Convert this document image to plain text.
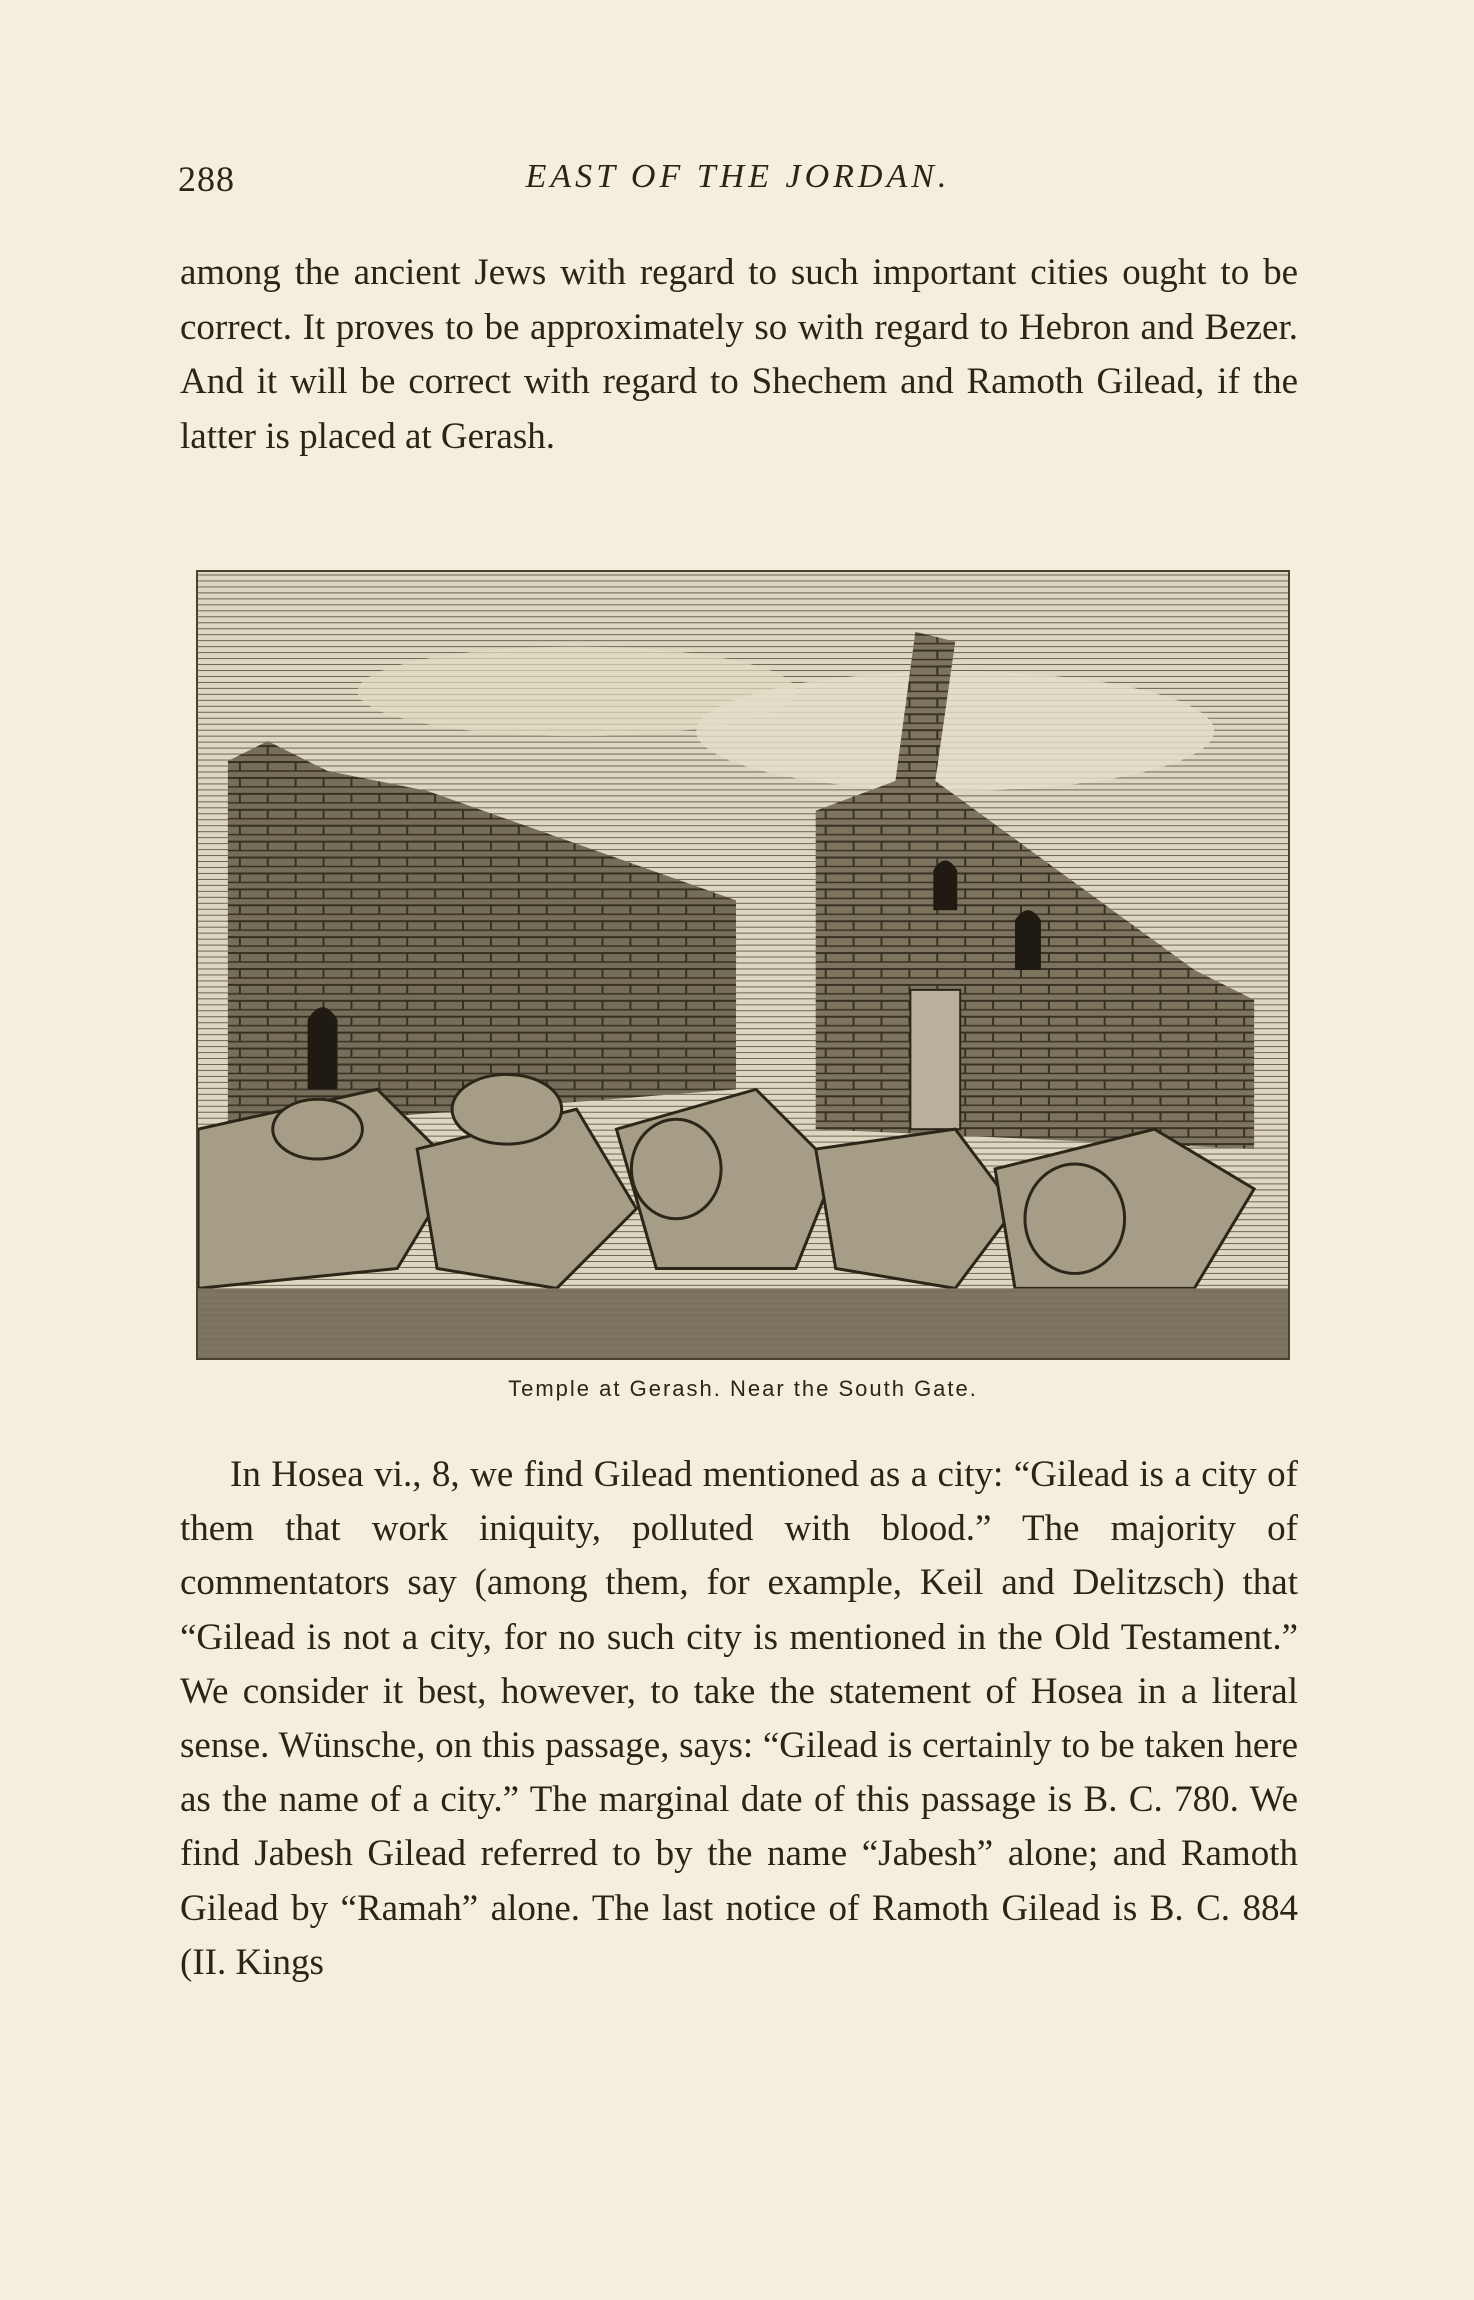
288	EAST OF THE JORDAN.

among the ancient Jews with regard to such important cities ought to be correct. It proves to be approximately so with regard to Hebron and Bezer. And it will be correct with regard to Shechem and Ramoth Gilead, if the latter is placed at Gerash.

Temple at Gerash. Near the South Gate.

In Hosea vi., 8, we find Gilead mentioned as a city: “Gilead is a city of them that work iniquity, polluted with blood.” The majority of commentators say (among them, for example, Keil and Delitzsch) that “Gilead is not a city, for no such city is mentioned in the Old Testament.” We consider it best, however, to take the statement of Hosea in a literal sense. Wünsche, on this passage, says: “Gilead is certainly to be taken here as the name of a city.” The marginal date of this passage is B. C. 780. We find Jabesh Gilead referred to by the name “Jabesh” alone; and Ramoth Gilead by “Ramah” alone. The last notice of Ramoth Gilead is B. C. 884 (II. Kings
